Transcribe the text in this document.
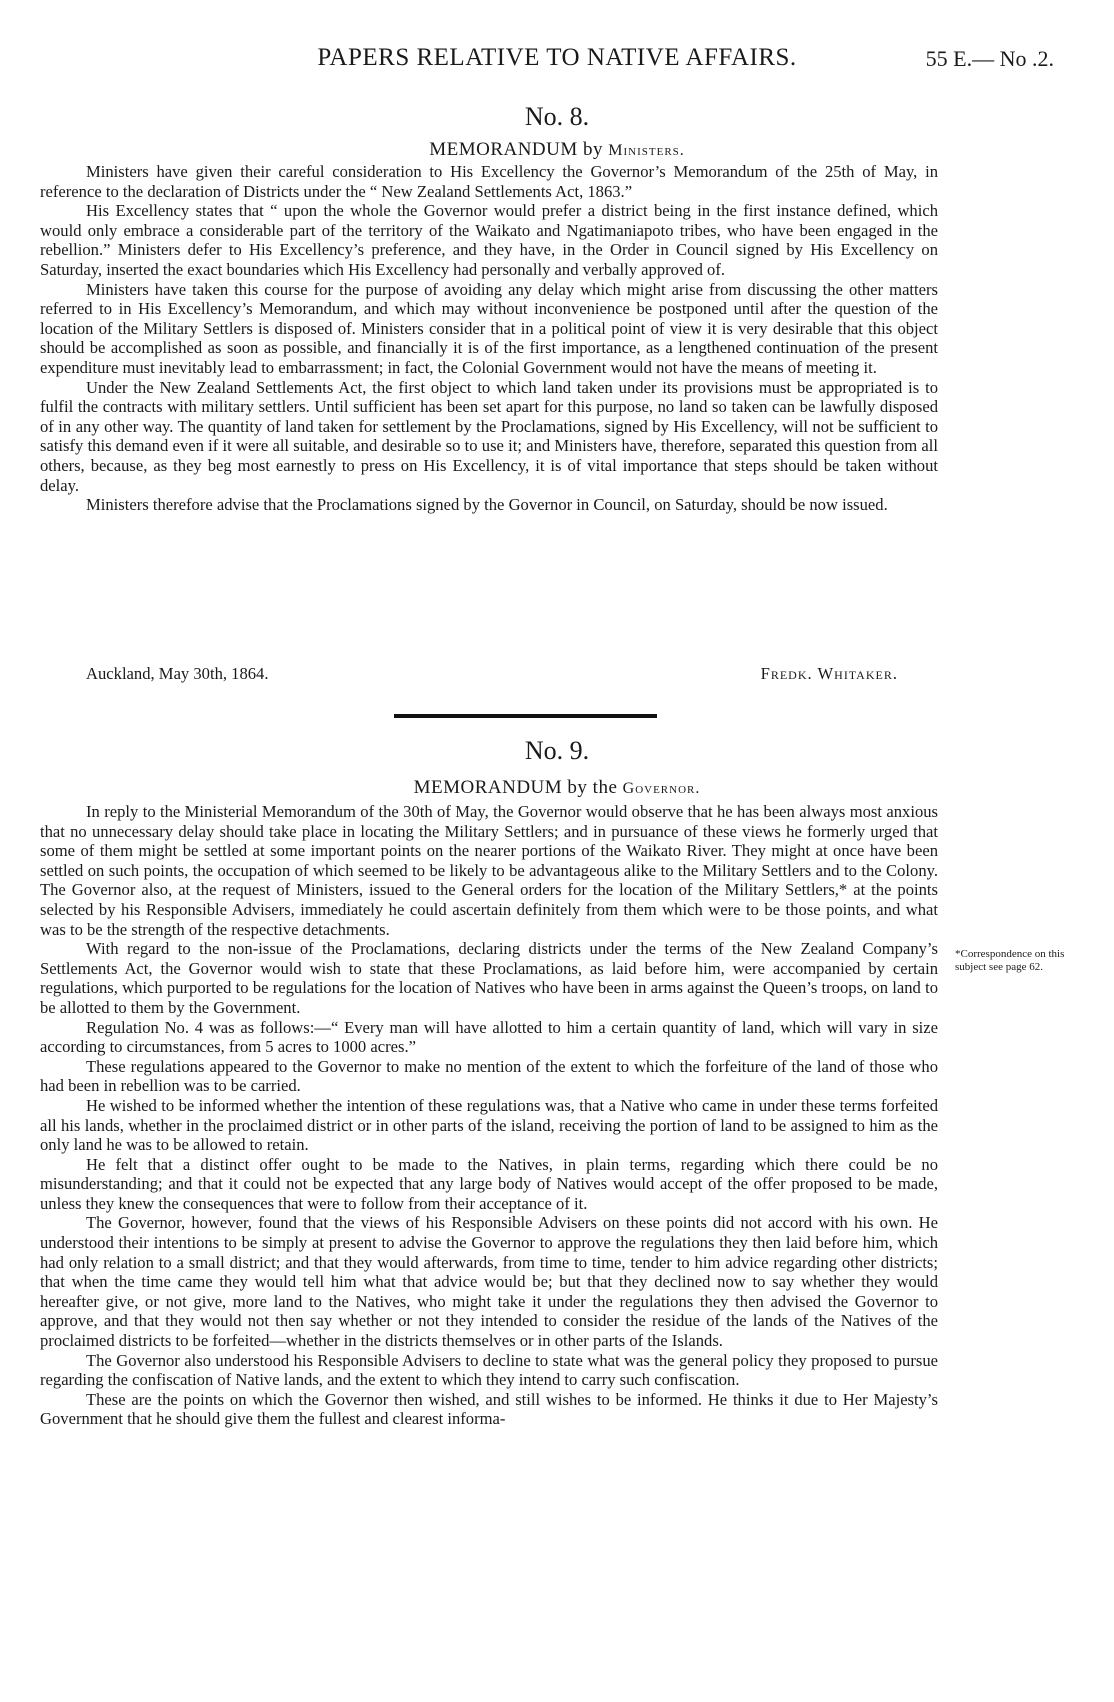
PAPERS RELATIVE TO NATIVE AFFAIRS.	55 E.— No .2.
No. 8.
MEMORANDUM by Ministers.

Ministers have given their careful consideration to His Excellency the Governor’s Memorandum of the 25th of May, in reference to the declaration of Districts under the “ New Zealand Settlements Act, 1863.”

His Excellency states that “ upon the whole the Governor would prefer a district being in the first instance defined, which would only embrace a considerable part of the territory of the Waikato and Ngatimaniapoto tribes, who have been engaged in the rebellion.” Ministers defer to His Excellency’s preference, and they have, in the Order in Council signed by His Excellency on Saturday, inserted the exact boundaries which His Excellency had personally and verbally approved of.

Ministers have taken this course for the purpose of avoiding any delay which might arise from discussing the other matters referred to in His Excellency’s Memorandum, and which may without inconvenience be postponed until after the question of the location of the Military Settlers is disposed of. Ministers consider that in a political point of view it is very desirable that this object should be accomplished as soon as possible, and financially it is of the first importance, as a lengthened continuation of the present expenditure must inevitably lead to embarrassment; in fact, the Colonial Government would not have the means of meeting it.

Under the New Zealand Settlements Act, the first object to which land taken under its provisions must be appropriated is to fulfil the contracts with military settlers. Until sufficient has been set apart for this purpose, no land so taken can be lawfully disposed of in any other way. The quantity of land taken for settlement by the Proclamations, signed by His Excellency, will not be sufficient to satisfy this demand even if it were all suitable, and desirable so to use it; and Ministers have, therefore, separated this question from all others, because, as they beg most earnestly to press on His Excellency, it is of vital importance that steps should be taken without delay.

Ministers therefore advise that the Proclamations signed by the Governor in Council, on Saturday, should be now issued.

Auckland, May 30th, 1864.	Fredk. Whitaker.
No. 9.
MEMORANDUM by the Governor.

In reply to the Ministerial Memorandum of the 30th of May, the Governor would observe that he has been always most anxious that no unnecessary delay should take place in locating the Military Settlers; and in pursuance of these views he formerly urged that some of them might be settled at some important points on the nearer portions of the Waikato River. They might at once have been settled on such points, the occupation of which seemed to be likely to be advantageous alike to the Military Settlers and to the Colony. The Governor also, at the request of Ministers, issued to the General orders for the location of the Military Settlers,* at the points selected by his Responsible Advisers, immediately he could ascertain definitely from them which were to be those points, and what was to be the strength of the respective detachments.

With regard to the non-issue of the Proclamations, declaring districts under the terms of the New Zealand Company’s Settlements Act, the Governor would wish to state that these Proclamations, as laid before him, were accompanied by certain regulations, which purported to be regulations for the location of Natives who have been in arms against the Queen’s troops, on land to be allotted to them by the Government.

Regulation No. 4 was as follows:—“ Every man will have allotted to him a certain quantity of land, which will vary in size according to circumstances, from 5 acres to 1000 acres.”

These regulations appeared to the Governor to make no mention of the extent to which the forfeiture of the land of those who had been in rebellion was to be carried.

He wished to be informed whether the intention of these regulations was, that a Native who came in under these terms forfeited all his lands, whether in the proclaimed district or in other parts of the island, receiving the portion of land to be assigned to him as the only land he was to be allowed to retain.

He felt that a distinct offer ought to be made to the Natives, in plain terms, regarding which there could be no misunderstanding; and that it could not be expected that any large body of Natives would accept of the offer proposed to be made, unless they knew the consequences that were to follow from their acceptance of it.

The Governor, however, found that the views of his Responsible Advisers on these points did not accord with his own. He understood their intentions to be simply at present to advise the Governor to approve the regulations they then laid before him, which had only relation to a small district; and that they would afterwards, from time to time, tender to him advice regarding other districts; that when the time came they would tell him what that advice would be; but that they declined now to say whether they would hereafter give, or not give, more land to the Natives, who might take it under the regulations they then advised the Governor to approve, and that they would not then say whether or not they intended to consider the residue of the lands of the Natives of the proclaimed districts to be forfeited—whether in the districts themselves or in other parts of the Islands.

The Governor also understood his Responsible Advisers to decline to state what was the general policy they proposed to pursue regarding the confiscation of Native lands, and the extent to which they intend to carry such confiscation.

These are the points on which the Governor then wished, and still wishes to be informed. He thinks it due to Her Majesty’s Government that he should give them the fullest and clearest informa-

*Correspondence on this subject see page 62.
